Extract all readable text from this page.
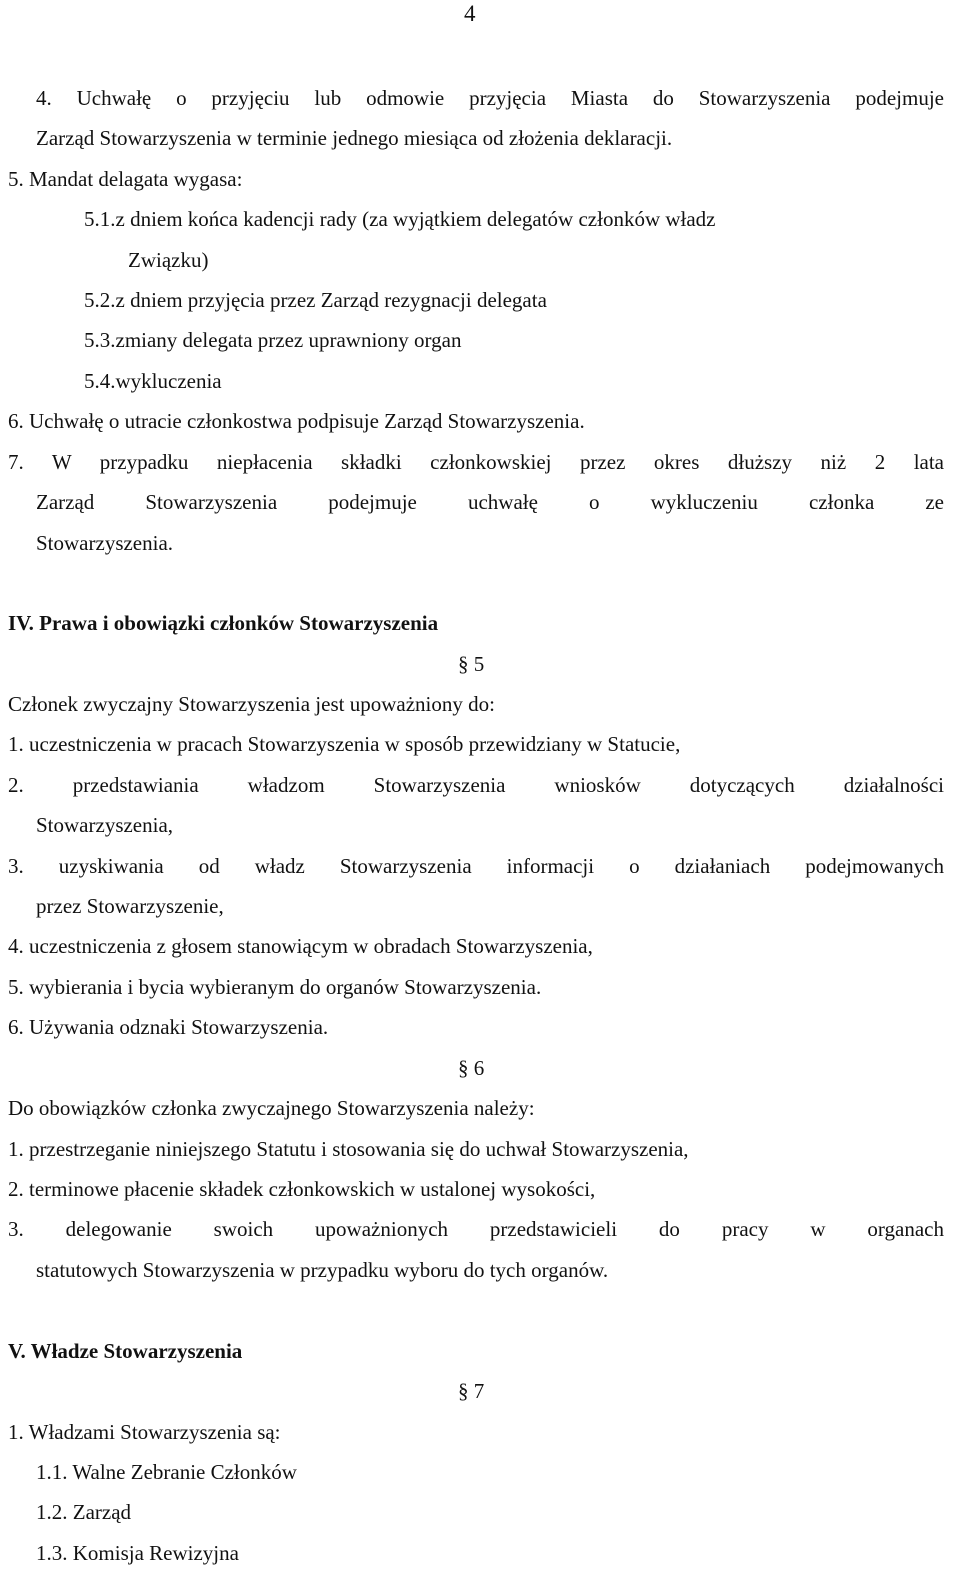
4
4. Uchwałę o przyjęciu lub odmowie przyjęcia Miasta do Stowarzyszenia podejmuje
Zarząd Stowarzyszenia w terminie jednego miesiąca od złożenia deklaracji.
5. Mandat delagata wygasa:
5.1.z dniem końca kadencji rady (za wyjątkiem delegatów członków władz
Związku)
5.2.z dniem przyjęcia przez Zarząd rezygnacji delegata
5.3.zmiany delegata przez uprawniony organ
5.4.wykluczenia
6. Uchwałę o utracie członkostwa podpisuje Zarząd Stowarzyszenia.
7. W przypadku niepłacenia składki członkowskiej przez okres dłuższy niż 2 lata
Zarząd Stowarzyszenia podejmuje uchwałę o wykluczeniu członka ze
Stowarzyszenia.
IV. Prawa i obowiązki członków Stowarzyszenia
§ 5
Członek zwyczajny Stowarzyszenia jest upoważniony do:
1. uczestniczenia w pracach Stowarzyszenia w sposób przewidziany w Statucie,
2. przedstawiania władzom Stowarzyszenia wniosków dotyczących działalności
Stowarzyszenia,
3. uzyskiwania od władz Stowarzyszenia informacji o działaniach podejmowanych
przez Stowarzyszenie,
4. uczestniczenia z głosem stanowiącym w obradach Stowarzyszenia,
5. wybierania i bycia wybieranym do organów Stowarzyszenia.
6. Używania odznaki Stowarzyszenia.
§ 6
Do obowiązków członka zwyczajnego Stowarzyszenia należy:
1. przestrzeganie niniejszego Statutu i stosowania się do uchwał Stowarzyszenia,
2. terminowe płacenie składek członkowskich w ustalonej wysokości,
3. delegowanie swoich upoważnionych przedstawicieli do pracy w organach
statutowych Stowarzyszenia w przypadku wyboru do tych organów.
V. Władze Stowarzyszenia
§ 7
1. Władzami Stowarzyszenia są:
1.1. Walne Zebranie Członków
1.2. Zarząd
1.3. Komisja Rewizyjna
